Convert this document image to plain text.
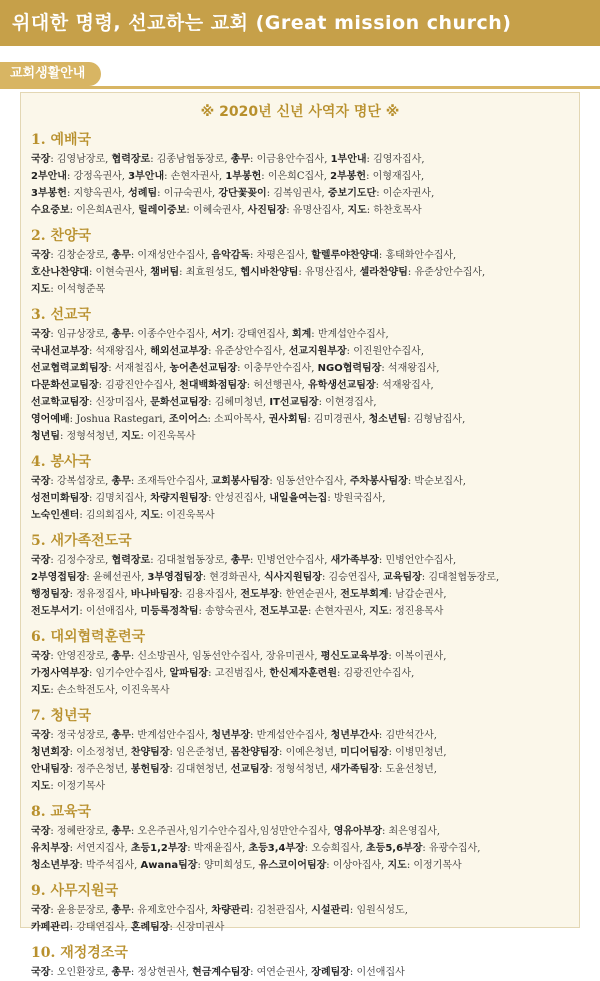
위대한 명령, 선교하는 교회 (Great mission church)
교회생활안내
※ 2020년 신년 사역자 명단 ※
1. 예배국
국장: 김영남장로, 협력장로: 김종남협동장로, 총무: 이금용안수집사, 1부안내: 김영자집사,
2부안내: 강정옥권사, 3부안내: 손현자권사, 1부봉헌: 이은희C집사, 2부봉헌: 이형재집사,
3부봉헌: 지향옥권사, 성례팀: 이규숙권사, 강단꽃꽂이: 김복임권사, 중보기도단: 이순자권사,
수요중보: 이은희A권사, 릴레이중보: 이혜숙권사, 사진팀장: 유명산집사, 지도: 하찬호목사
2. 찬양국
국장: 김창순장로, 총무: 이재성안수집사, 음악감독: 차평은집사, 할렐루야찬양대: 홍태화안수집사,
호산나찬양대: 이현숙권사, 챔버팀: 최효원성도, 헵시바찬양팀: 유명산집사, 셀라찬양팀: 유준상안수집사,
지도: 이석형준목
3. 선교국
국장: 임규상장로, 총무: 이종수안수집사, 서기: 강태연집사, 회계: 반계섭안수집사,
국내선교부장: 석재왕집사, 해외선교부장: 유준상안수집사, 선교지원부장: 이진원안수집사,
선교협력교회팀장: 서재철집사, 농어촌선교팀장: 이충무안수집사, NGO협력팀장: 석재왕집사,
다문화선교팀장: 김광진안수집사, 천대백화점팀장: 허선행권사, 유학생선교팀장: 석재왕집사,
선교학교팀장: 신장미집사, 문화선교팀장: 김혜미청년, IT선교팀장: 이현경집사,
영어예배: Joshua Rastegari, 조이어스: 소피아목사, 권사회팀: 김미경권사, 청소년팀: 김형남집사,
청년팀: 정형석청년, 지도: 이진욱목사
4. 봉사국
국장: 강복섭장로, 총무: 조재득안수집사, 교회봉사팀장: 임동선안수집사, 주차봉사팀장: 박순보집사,
성전미화팀장: 김명치집사, 차량지원팀장: 안성진집사, 내일을여는집: 방원국집사,
노숙인센터: 김의회집사, 지도: 이진욱목사
5. 새가족전도국
국장: 김정수장로, 협력장로: 김대철협동장로, 총무: 민병언안수집사, 새가족부장: 민병언안수집사,
2부영접팀장: 윤혜선권사, 3부영접팀장: 현경화권사, 식사지원팀장: 김승연집사, 교육팀장: 김대철협동장로,
행정팀장: 정유정집사, 바나바팀장: 김용자집사, 전도부장: 한연순권사, 전도부회계: 남갑순권사,
전도부서기: 이선애집사, 미등록정착팀: 송향숙권사, 전도부고문: 손현자권사, 지도: 정진용목사
6. 대외협력훈련국
국장: 안영진장로, 총무: 신소방권사, 임동선안수집사, 장유미권사, 평신도교육부장: 이복이권사,
가정사역부장: 임기수안수집사, 알파팀장: 고진범집사, 한신제자훈련원: 김광진안수집사,
지도: 손소학전도사, 이진욱목사
7. 청년국
국장: 정국성장로, 총무: 반계섭안수집사, 청년부장: 반계섭안수집사, 청년부간사: 김반석간사,
청년회장: 이소정청년, 찬양팀장: 임은준청년, 몸찬양팀장: 이예은청년, 미디어팀장: 이병민청년,
안내팀장: 정주은청년, 봉헌팀장: 김대현청년, 선교팀장: 정형석청년, 새가족팀장: 도윤선청년,
지도: 이정기목사
8. 교육국
국장: 정혜란장로, 총무: 오은주권사,임기수안수집사,임성만안수집사, 영유아부장: 최은영집사,
유치부장: 서연지집사, 초등1,2부장: 박재윤집사, 초등3,4부장: 오승희집사, 초등5,6부장: 유광수집사,
청소년부장: 박주석집사, Awana팀장: 양미희성도, 유스코이어팀장: 이상아집사, 지도: 이정기목사
9. 사무지원국
국장: 윤용문장로, 총무: 유제호안수집사, 차량관리: 김천관집사, 시설관리: 임원식성도,
카페관리: 강태연집사, 혼례팀장: 신장미권사
10. 재정경조국
국장: 오인환장로, 총무: 정상현권사, 현금계수팀장: 여연순권사, 장례팀장: 이선애집사
